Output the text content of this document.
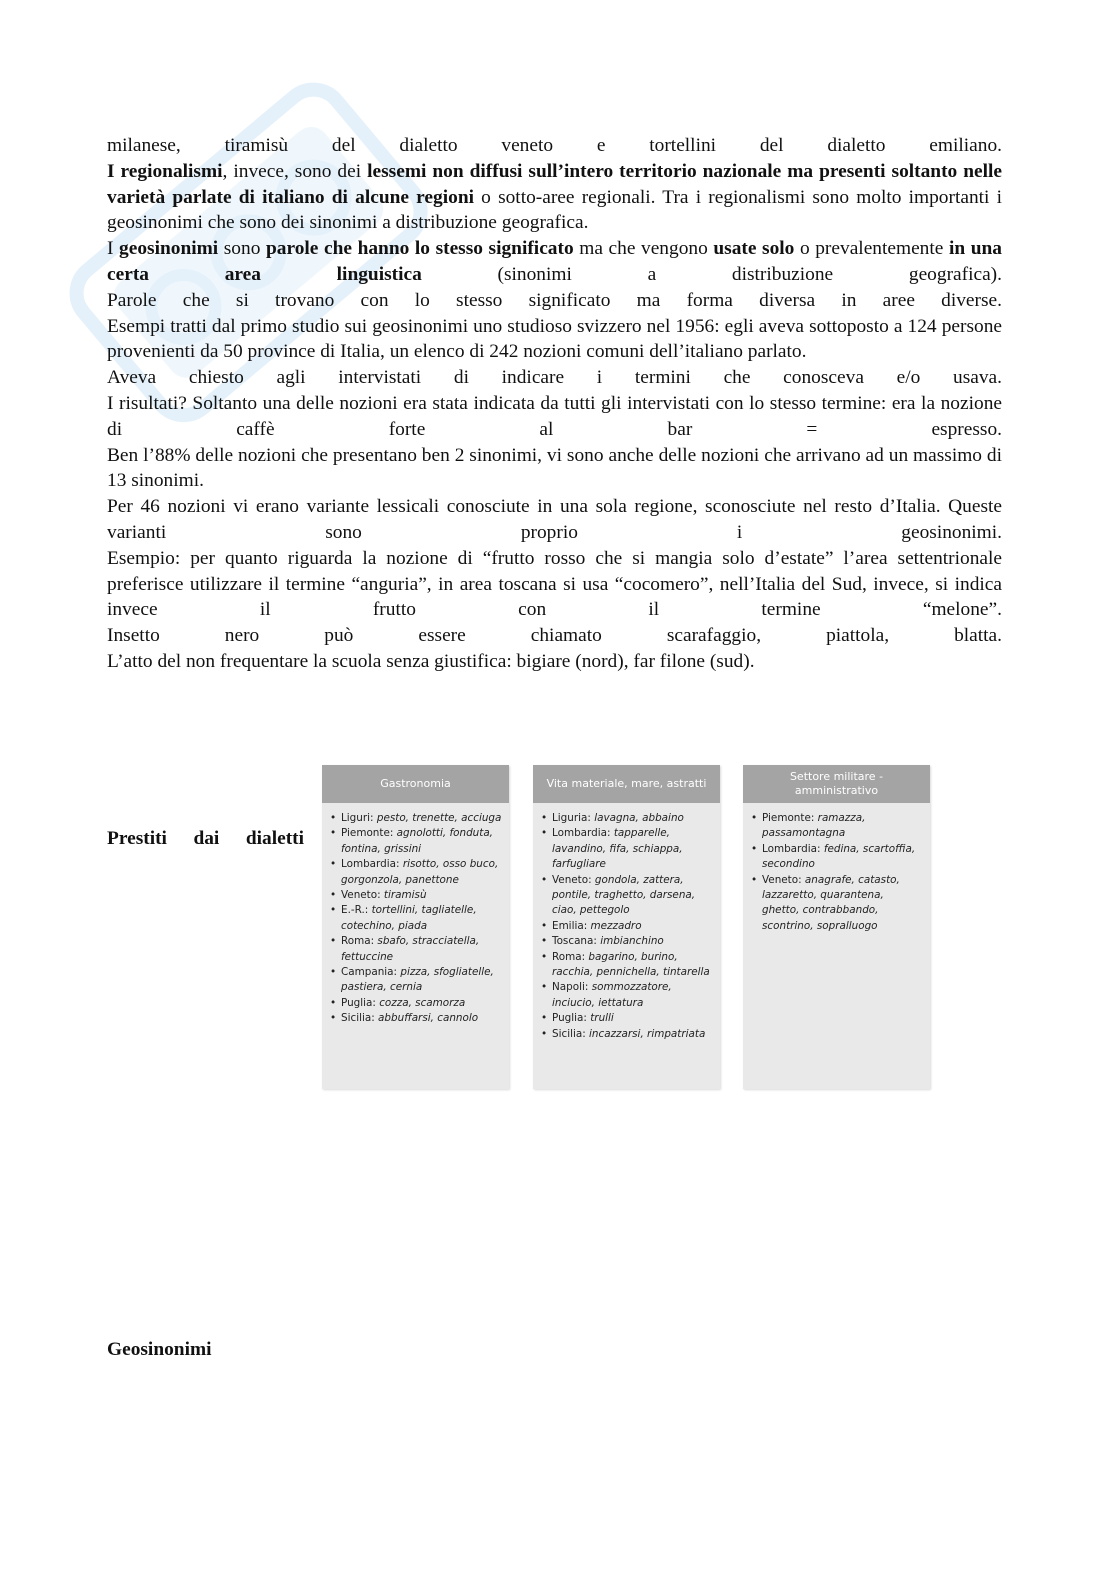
milanese, tiramisù del dialetto veneto e tortellini del dialetto emiliano.

I regionalismi, invece, sono dei lessemi non diffusi sull’intero territorio nazionale ma presenti soltanto nelle varietà parlate di italiano di alcune regioni o sotto-aree regionali. Tra i regionalismi sono molto importanti i geosinonimi che sono dei sinonimi a distribuzione geografica.

I geosinonimi sono parole che hanno lo stesso significato ma che vengono usate solo o prevalentemente in una certa area linguistica (sinonimi a distribuzione geografica).

Parole che si trovano con lo stesso significato ma forma diversa in aree diverse.

Esempi tratti dal primo studio sui geosinonimi uno studioso svizzero nel 1956: egli aveva sottoposto a 124 persone provenienti da 50 province di Italia, un elenco di 242 nozioni comuni dell’italiano parlato.

Aveva chiesto agli intervistati di indicare i termini che conosceva e/o usava.

I risultati? Soltanto una delle nozioni era stata indicata da tutti gli intervistati con lo stesso termine: era la nozione di caffè forte al bar = espresso.

Ben l’88% delle nozioni che presentano ben 2 sinonimi, vi sono anche delle nozioni che arrivano ad un massimo di 13 sinonimi.

Per 46 nozioni vi erano variante lessicali conosciute in una sola regione, sconosciute nel resto d’Italia. Queste varianti sono proprio i geosinonimi.

Esempio: per quanto riguarda la nozione di “frutto rosso che si mangia solo d’estate” l’area settentrionale preferisce utilizzare il termine “anguria”, in area toscana si usa “cocomero”, nell’Italia del Sud, invece, si indica invece il frutto con il termine “melone”.

Insetto nero può essere chiamato scarafaggio, piattola, blatta.

L’atto del non frequentare la scuola senza giustifica: bigiare (nord), far filone (sud).

Prestiti dai dialetti
Gastronomia
• Liguri: pesto, trenette, acciuga
• Piemonte: agnolotti, fonduta, fontina, grissini
• Lombardia: risotto, osso buco, gorgonzola, panettone
• Veneto: tiramisù
• E.-R.: tortellini, tagliatelle, cotechino, piada
• Roma: sbafo, stracciatella, fettuccine
• Campania: pizza, sfogliatelle, pastiera, cernia
• Puglia: cozza, scamorza
• Sicilia: abbuffarsi, cannolo
Vita materiale, mare, astratti
• Liguria: lavagna, abbaino
• Lombardia: tapparelle, lavandino, fifa, schiappa, farfugliare
• Veneto: gondola, zattera, pontile, traghetto, darsena, ciao, pettegolo
• Emilia: mezzadro
• Toscana: imbianchino
• Roma: bagarino, burino, racchia, pennichella, tintarella
• Napoli: sommozzatore, inciucio, iettatura
• Puglia: trulli
• Sicilia: incazzarsi, rimpatriata
Settore militare - amministrativo
• Piemonte: ramazza, passamontagna
• Lombardia: fedina, scartoffia, secondino
• Veneto: anagrafe, catasto, lazzaretto, quarantena, ghetto, contrabbando, scontrino, sopralluogo
Geosinonimi
